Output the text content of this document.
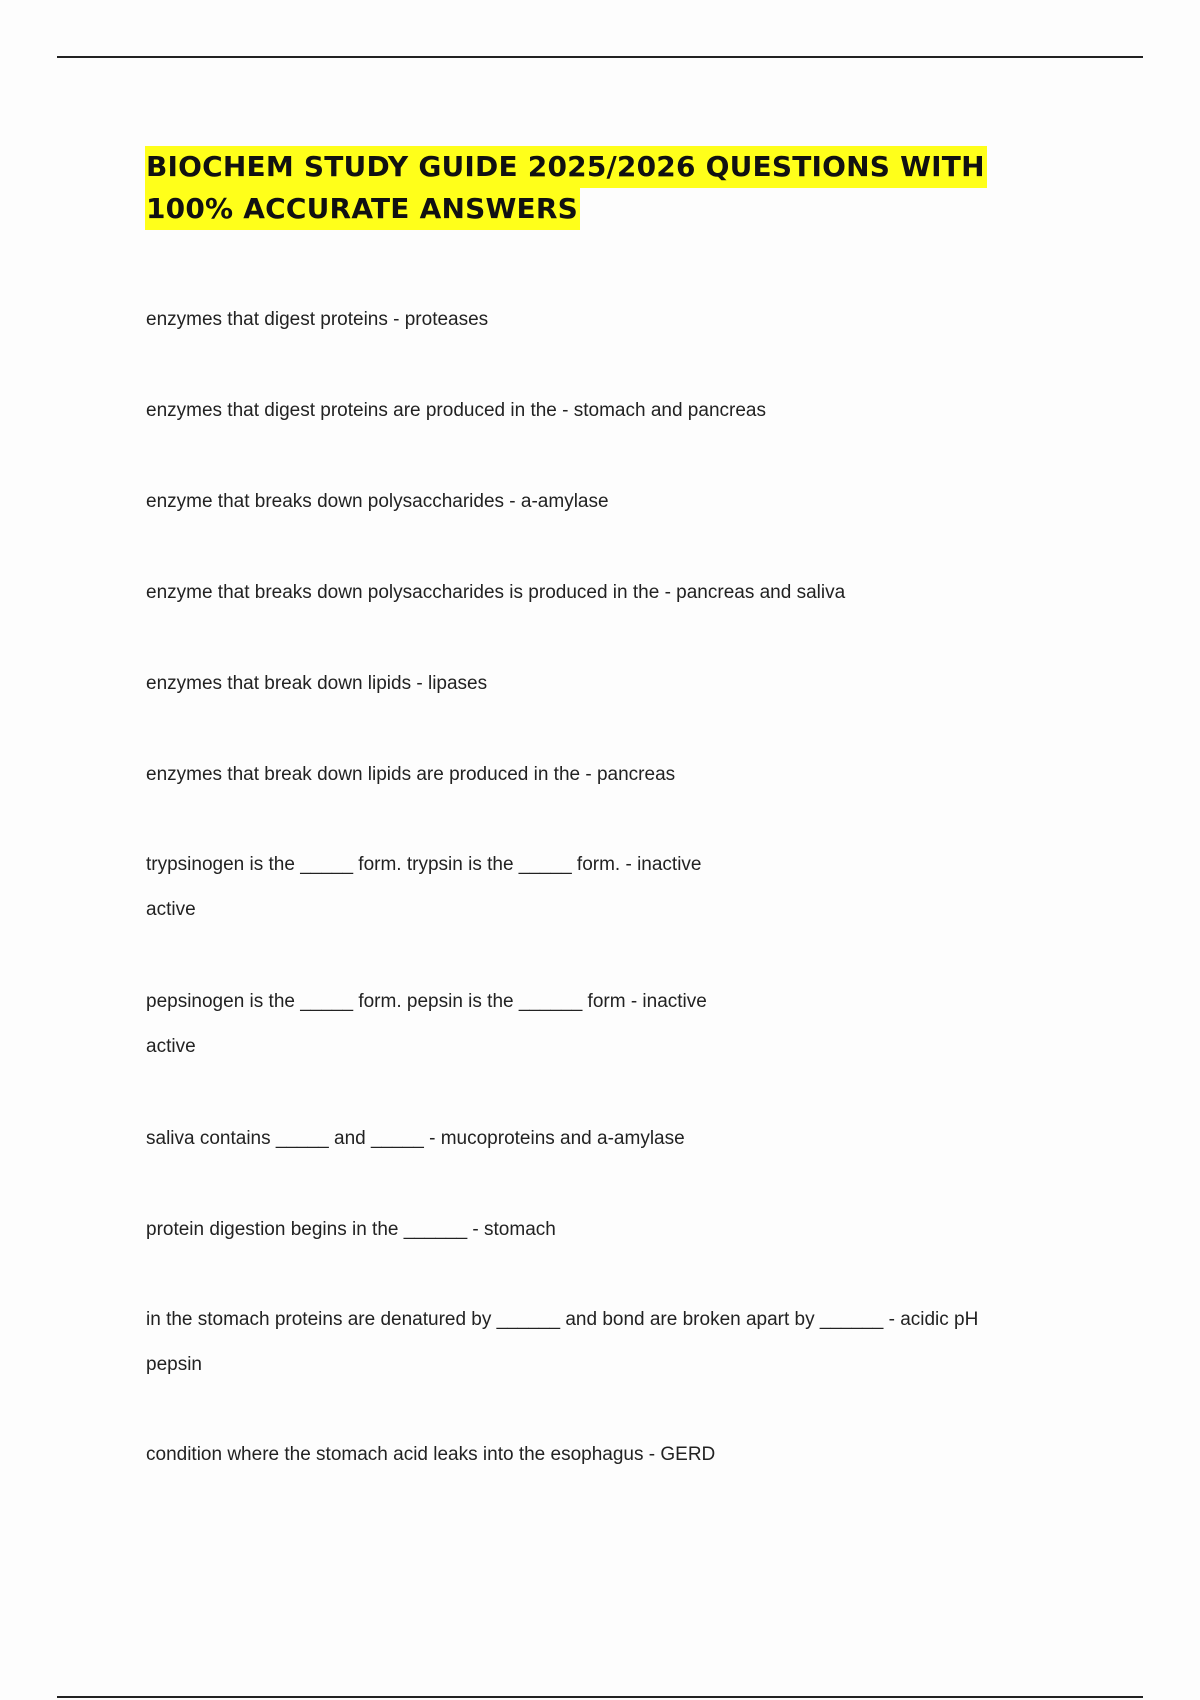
BIOCHEM STUDY GUIDE 2025/2026 QUESTIONS WITH
100% ACCURATE ANSWERS
enzymes that digest proteins - proteases
enzymes that digest proteins are produced in the - stomach and pancreas
enzyme that breaks down polysaccharides - a-amylase
enzyme that breaks down polysaccharides is produced in the - pancreas and saliva
enzymes that break down lipids - lipases
enzymes that break down lipids are produced in the - pancreas
trypsinogen is the _____ form. trypsin is the _____ form. - inactive
active
pepsinogen is the _____ form. pepsin is the ______ form - inactive
active
saliva contains _____ and _____ - mucoproteins and a-amylase
protein digestion begins in the ______ - stomach
in the stomach proteins are denatured by ______ and bond are broken apart by ______ - acidic pH
pepsin
condition where the stomach acid leaks into the esophagus - GERD
